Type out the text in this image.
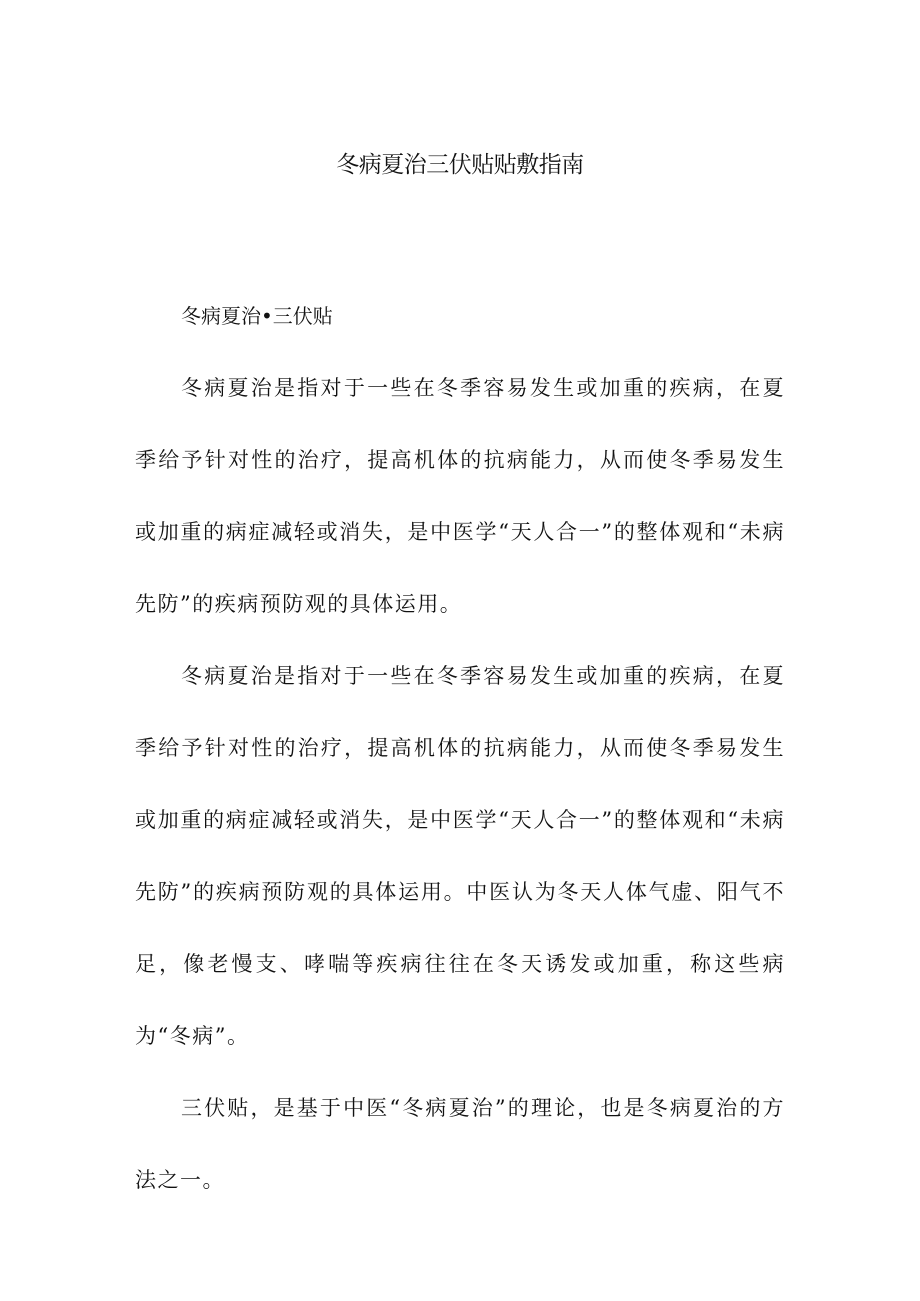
冬病夏治三伏贴贴敷指南

冬病夏治•三伏贴

冬病夏治是指对于一些在冬季容易发生或加重的疾病，在夏季给予针对性的治疗，提高机体的抗病能力，从而使冬季易发生或加重的病症减轻或消失，是中医学“天人合一”的整体观和“未病先防”的疾病预防观的具体运用。

冬病夏治是指对于一些在冬季容易发生或加重的疾病，在夏季给予针对性的治疗，提高机体的抗病能力，从而使冬季易发生或加重的病症减轻或消失，是中医学“天人合一”的整体观和“未病先防”的疾病预防观的具体运用。中医认为冬天人体气虚、阳气不足，像老慢支、哮喘等疾病往往在冬天诱发或加重，称这些病为“冬病”。

三伏贴，是基于中医“冬病夏治”的理论，也是冬病夏治的方法之一。
